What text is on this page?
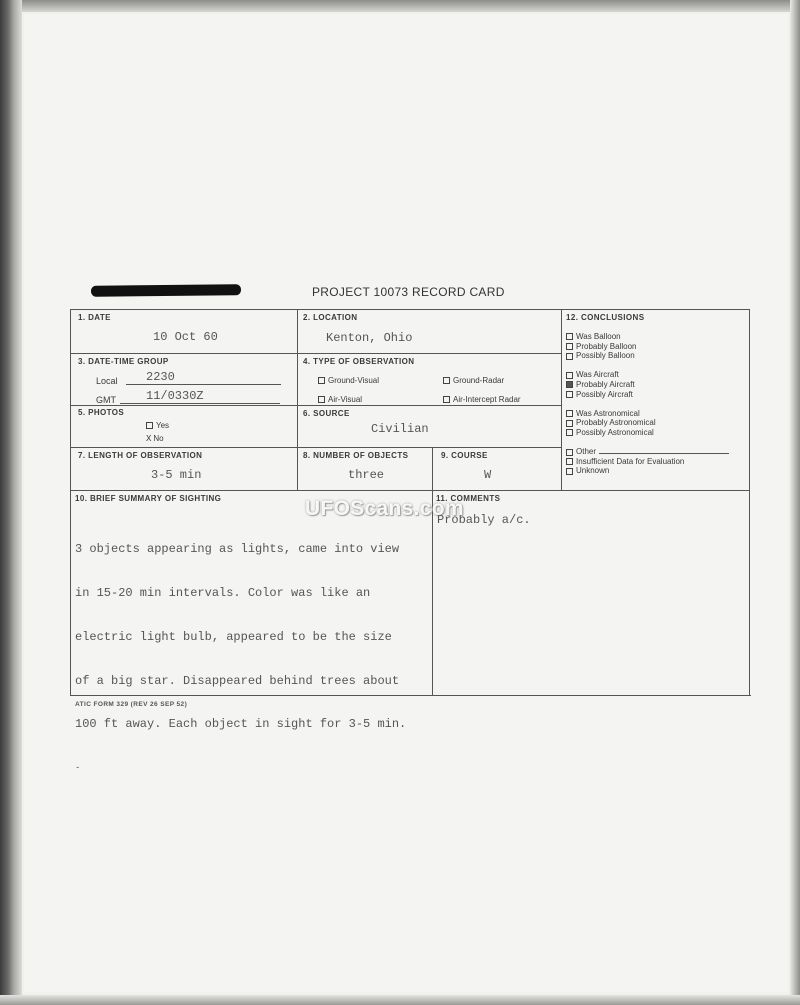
PROJECT 10073 RECORD CARD
1. DATE
10 Oct 60
2. LOCATION
Kenton, Ohio
3. DATE-TIME GROUP
Local 2230
GMT	11/0330Z
4. TYPE OF OBSERVATION
Ground-Visual	Ground-Radar
Air-Visual	Air-Intercept Radar
5. PHOTOS
Yes
X No
6. SOURCE
Civilian
7. LENGTH OF OBSERVATION
3-5 min
8. NUMBER OF OBJECTS
three
9. COURSE
W
12. CONCLUSIONS
Was Balloon
Probably Balloon
Possibly Balloon
Was Aircraft
Probably Aircraft
Possibly Aircraft
Was Astronomical
Probably Astronomical
Possibly Astronomical
Other
Insufficient Data for Evaluation
Unknown
10. BRIEF SUMMARY OF SIGHTING

3 objects appearing as lights, came into view

in 15-20 min intervals. Color was like an

electric light bulb, appeared to be the size

of a big star. Disappeared behind trees about

100 ft away. Each object in sight for 3-5 min.

-

11. COMMENTS
Probably a/c.
UFOScans.com
ATIC FORM 329 (REV 26 SEP 52)
